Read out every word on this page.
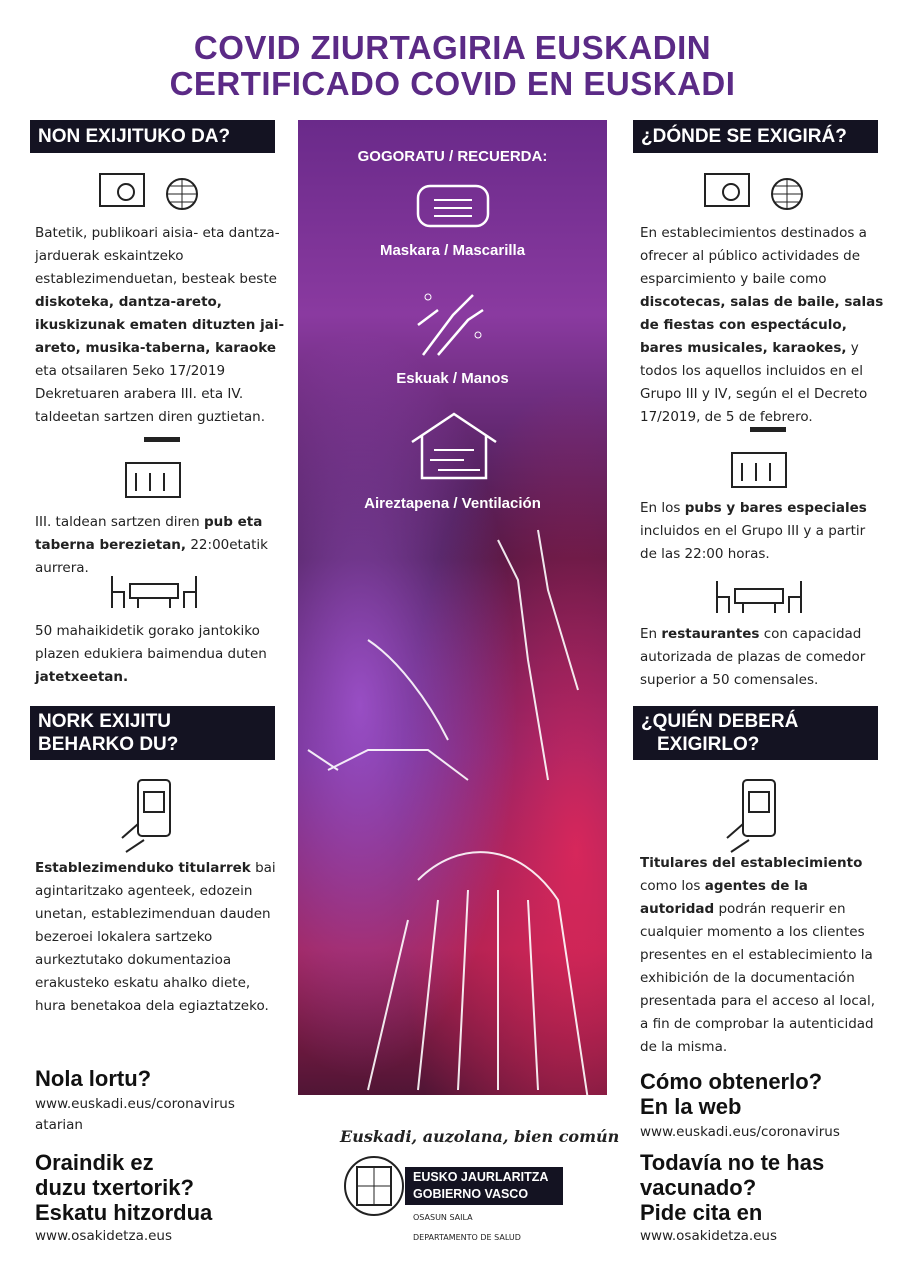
COVID ZIURTAGIRIA EUSKADIN
CERTIFICADO COVID EN EUSKADI
NON EXIJITUKO DA?
Batetik, publikoari aisia- eta dantza-jarduerak eskaintzeko establezimenduetan, besteak beste diskoteka, dantza-areto, ikuskizunak ematen dituzten jai-areto, musika-taberna, karaoke eta otsailaren 5eko 17/2019 Dekretuaren arabera III. eta IV. taldeetan sartzen diren guztietan.
III. taldean sartzen diren pub eta taberna berezietan, 22:00etatik aurrera.
50 mahaikidetik gorako jantokiko plazen edukiera baimendua duten jatetxeetan.
NORK EXIJITU
BEHARKO DU?
Establezimenduko titularrek bai agintaritzako agenteek, edozein unetan, establezimenduan dauden bezeroei lokalera sartzeko aurkeztutako dokumentazioa erakusteko eskatu ahalko diete, hura benetakoa dela egiaztatzeko.
Nola lortu?
www.euskadi.eus/coronavirus
atarian
Oraindik ez
duzu txertorik?
Eskatu hitzordua
www.osakidetza.eus
GOGORATU / RECUERDA:
Maskara / Mascarilla
Eskuak / Manos
Aireztapena / Ventilación
Euskadi, auzolana, bien común
EUSKO JAURLARITZA
GOBIERNO VASCO
OSASUN SAILA
DEPARTAMENTO DE SALUD
¿DÓNDE SE EXIGIRÁ?
En establecimientos destinados a ofrecer al público actividades de esparcimiento y baile como discotecas, salas de baile, salas de fiestas con espectáculo, bares musicales, karaokes, y todos los aquellos incluidos en el Grupo III y IV, según el el Decreto 17/2019, de 5 de febrero.
En los pubs y bares especiales incluidos en el Grupo III y a partir de las 22:00 horas.
En restaurantes con capacidad autorizada de plazas de comedor superior a 50 comensales.
¿QUIÉN DEBERÁ
EXIGIRLO?
Titulares del establecimiento como los agentes de la autoridad podrán requerir en cualquier momento a los clientes presentes en el establecimiento la exhibición de la documentación presentada para el acceso al local, a fin de comprobar la autenticidad de la misma.
Cómo obtenerlo?
En la web
www.euskadi.eus/coronavirus
Todavía no te has
vacunado?
Pide cita en
www.osakidetza.eus
